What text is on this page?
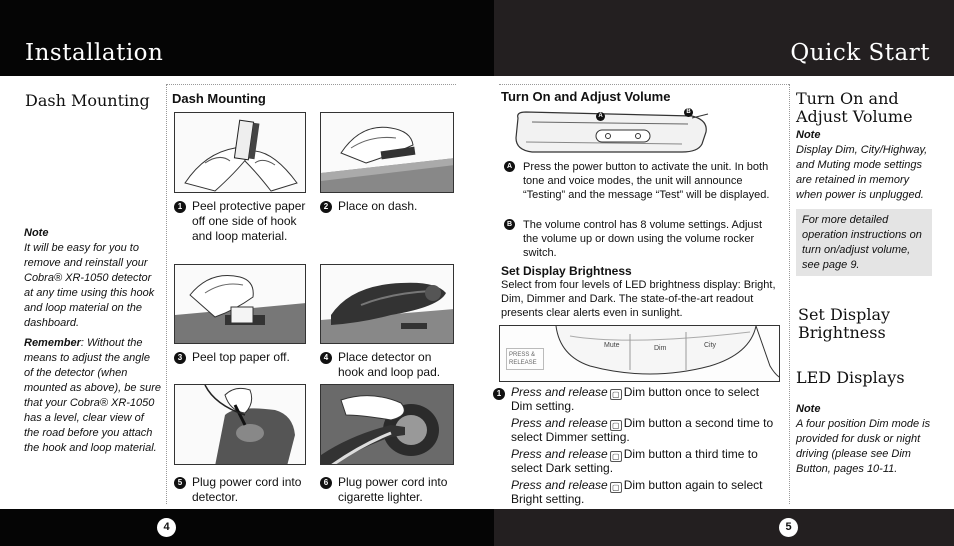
Installation	Quick Start
Dash Mounting
Note
It will be easy for you to remove and reinstall your Cobra® XR-1050 detector at any time using this hook and loop material on the dashboard.
Remember: Without the means to adjust the angle of the detector (when mounted as above), be sure that your Cobra® XR-1050 has a level, clear view of the road before you attach the hook and loop material.
Dash Mounting
1 Peel protective paper off one side of hook and loop material.
2 Place on dash.
3 Peel top paper off.	4 Place detector on hook and loop pad.
5 Plug power cord into detector.
6 Plug power cord into cigarette lighter.
Turn On and Adjust Volume
A
B
A Press the power button to activate the unit. In both tone and voice modes, the unit will announce “Testing” and the message “Test” will be displayed.
B The volume control has 8 volume settings. Adjust the volume up or down using the volume rocker switch.
Set Display Brightness
Select from four levels of LED brightness display: Bright, Dim, Dimmer and Dark. The state-of-the-art readout presents clear alerts even in sunlight.
PRESS &
RELEASE
Mute	Dim	City
1 Press and release ▢ Dim button once to select Dim setting.
Press and release ▢ Dim button a second time to select Dimmer setting.
Press and release ▢ Dim button a third time to select Dark setting.
Press and release ▢ Dim button again to select Bright setting.
Turn On and Adjust Volume
Note
Display Dim, City/Highway, and Muting mode settings are retained in memory when power is unplugged.
For more detailed operation instructions on turn on/adjust volume, see page 9.
Set Display Brightness
LED Displays
Note
A four position Dim mode is provided for dusk or night driving (please see Dim Button, pages 10-11.
4	5
